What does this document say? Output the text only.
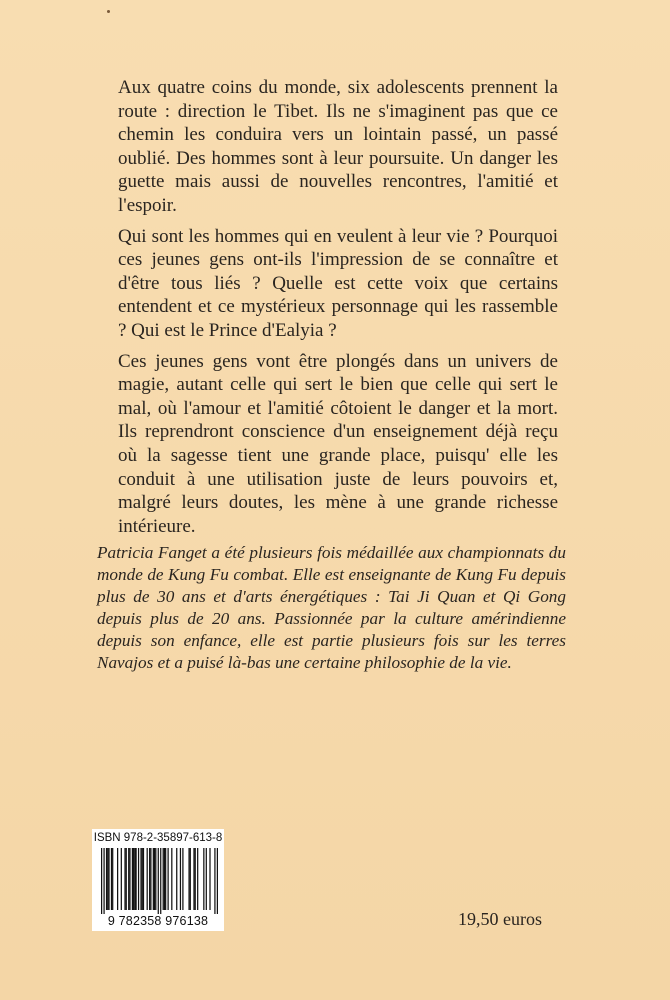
Aux quatre coins du monde, six adolescents prennent la route : direction le Tibet. Ils ne s'imaginent pas que ce chemin les conduira vers un lointain passé, un passé oublié. Des hommes sont à leur poursuite. Un danger les guette mais aussi de nouvelles rencontres, l'amitié et l'espoir.

Qui sont les hommes qui en veulent à leur vie ? Pourquoi ces jeunes gens ont-ils l'impression de se connaître et d'être tous liés ? Quelle est cette voix que certains entendent et ce mystérieux personnage qui les rassemble ? Qui est le Prince d'Ealyia ?

Ces jeunes gens vont être plongés dans un univers de magie, autant celle qui sert le bien que celle qui sert le mal, où l'amour et l'amitié côtoient le danger et la mort. Ils reprendront conscience d'un enseignement déjà reçu où la sagesse tient une grande place, puisqu' elle les conduit à une utilisation juste de leurs pouvoirs et, malgré leurs doutes, les mène à une grande richesse intérieure.

Patricia Fanget a été plusieurs fois médaillée aux championnats du monde de Kung Fu combat. Elle est enseignante de Kung Fu depuis plus de 30 ans et d'arts énergétiques : Tai Ji Quan et Qi Gong depuis plus de 20 ans. Passionnée par la culture amérindienne depuis son enfance, elle est partie plusieurs fois sur les terres Navajos et a puisé là-bas une certaine philosophie de la vie.

ISBN 978-2-35897-613-8
9 782358 976138	19,50 euros
